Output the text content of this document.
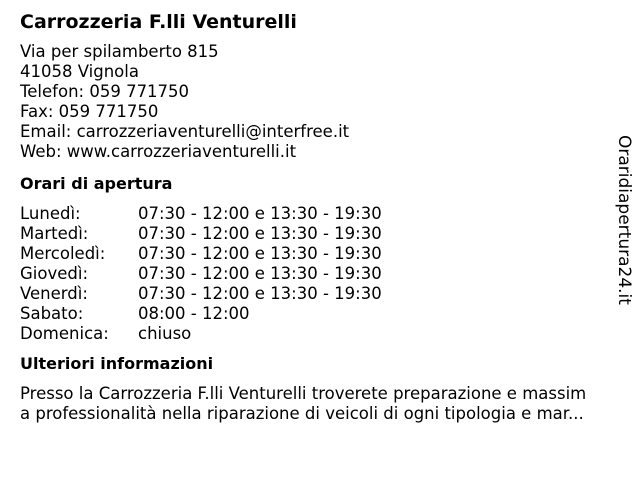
Carrozzeria F.lli Venturelli
Via per spilamberto 815
41058 Vignola
Telefon: 059 771750
Fax: 059 771750
Email: carrozzeriaventurelli@interfree.it
Web: www.carrozzeriaventurelli.it
Orari di apertura
Lunedì:	07:30 - 12:00 e 13:30 - 19:30
Martedì:	07:30 - 12:00 e 13:30 - 19:30
Mercoledì:	07:30 - 12:00 e 13:30 - 19:30
Giovedì:	07:30 - 12:00 e 13:30 - 19:30
Venerdì:	07:30 - 12:00 e 13:30 - 19:30
Sabato:	08:00 - 12:00
Domenica:	chiuso
Ulteriori informazioni
Presso la Carrozzeria F.lli Venturelli troverete preparazione e massim
a professionalità nella riparazione di veicoli di ogni tipologia e mar...
Oraridiapertura24.it
